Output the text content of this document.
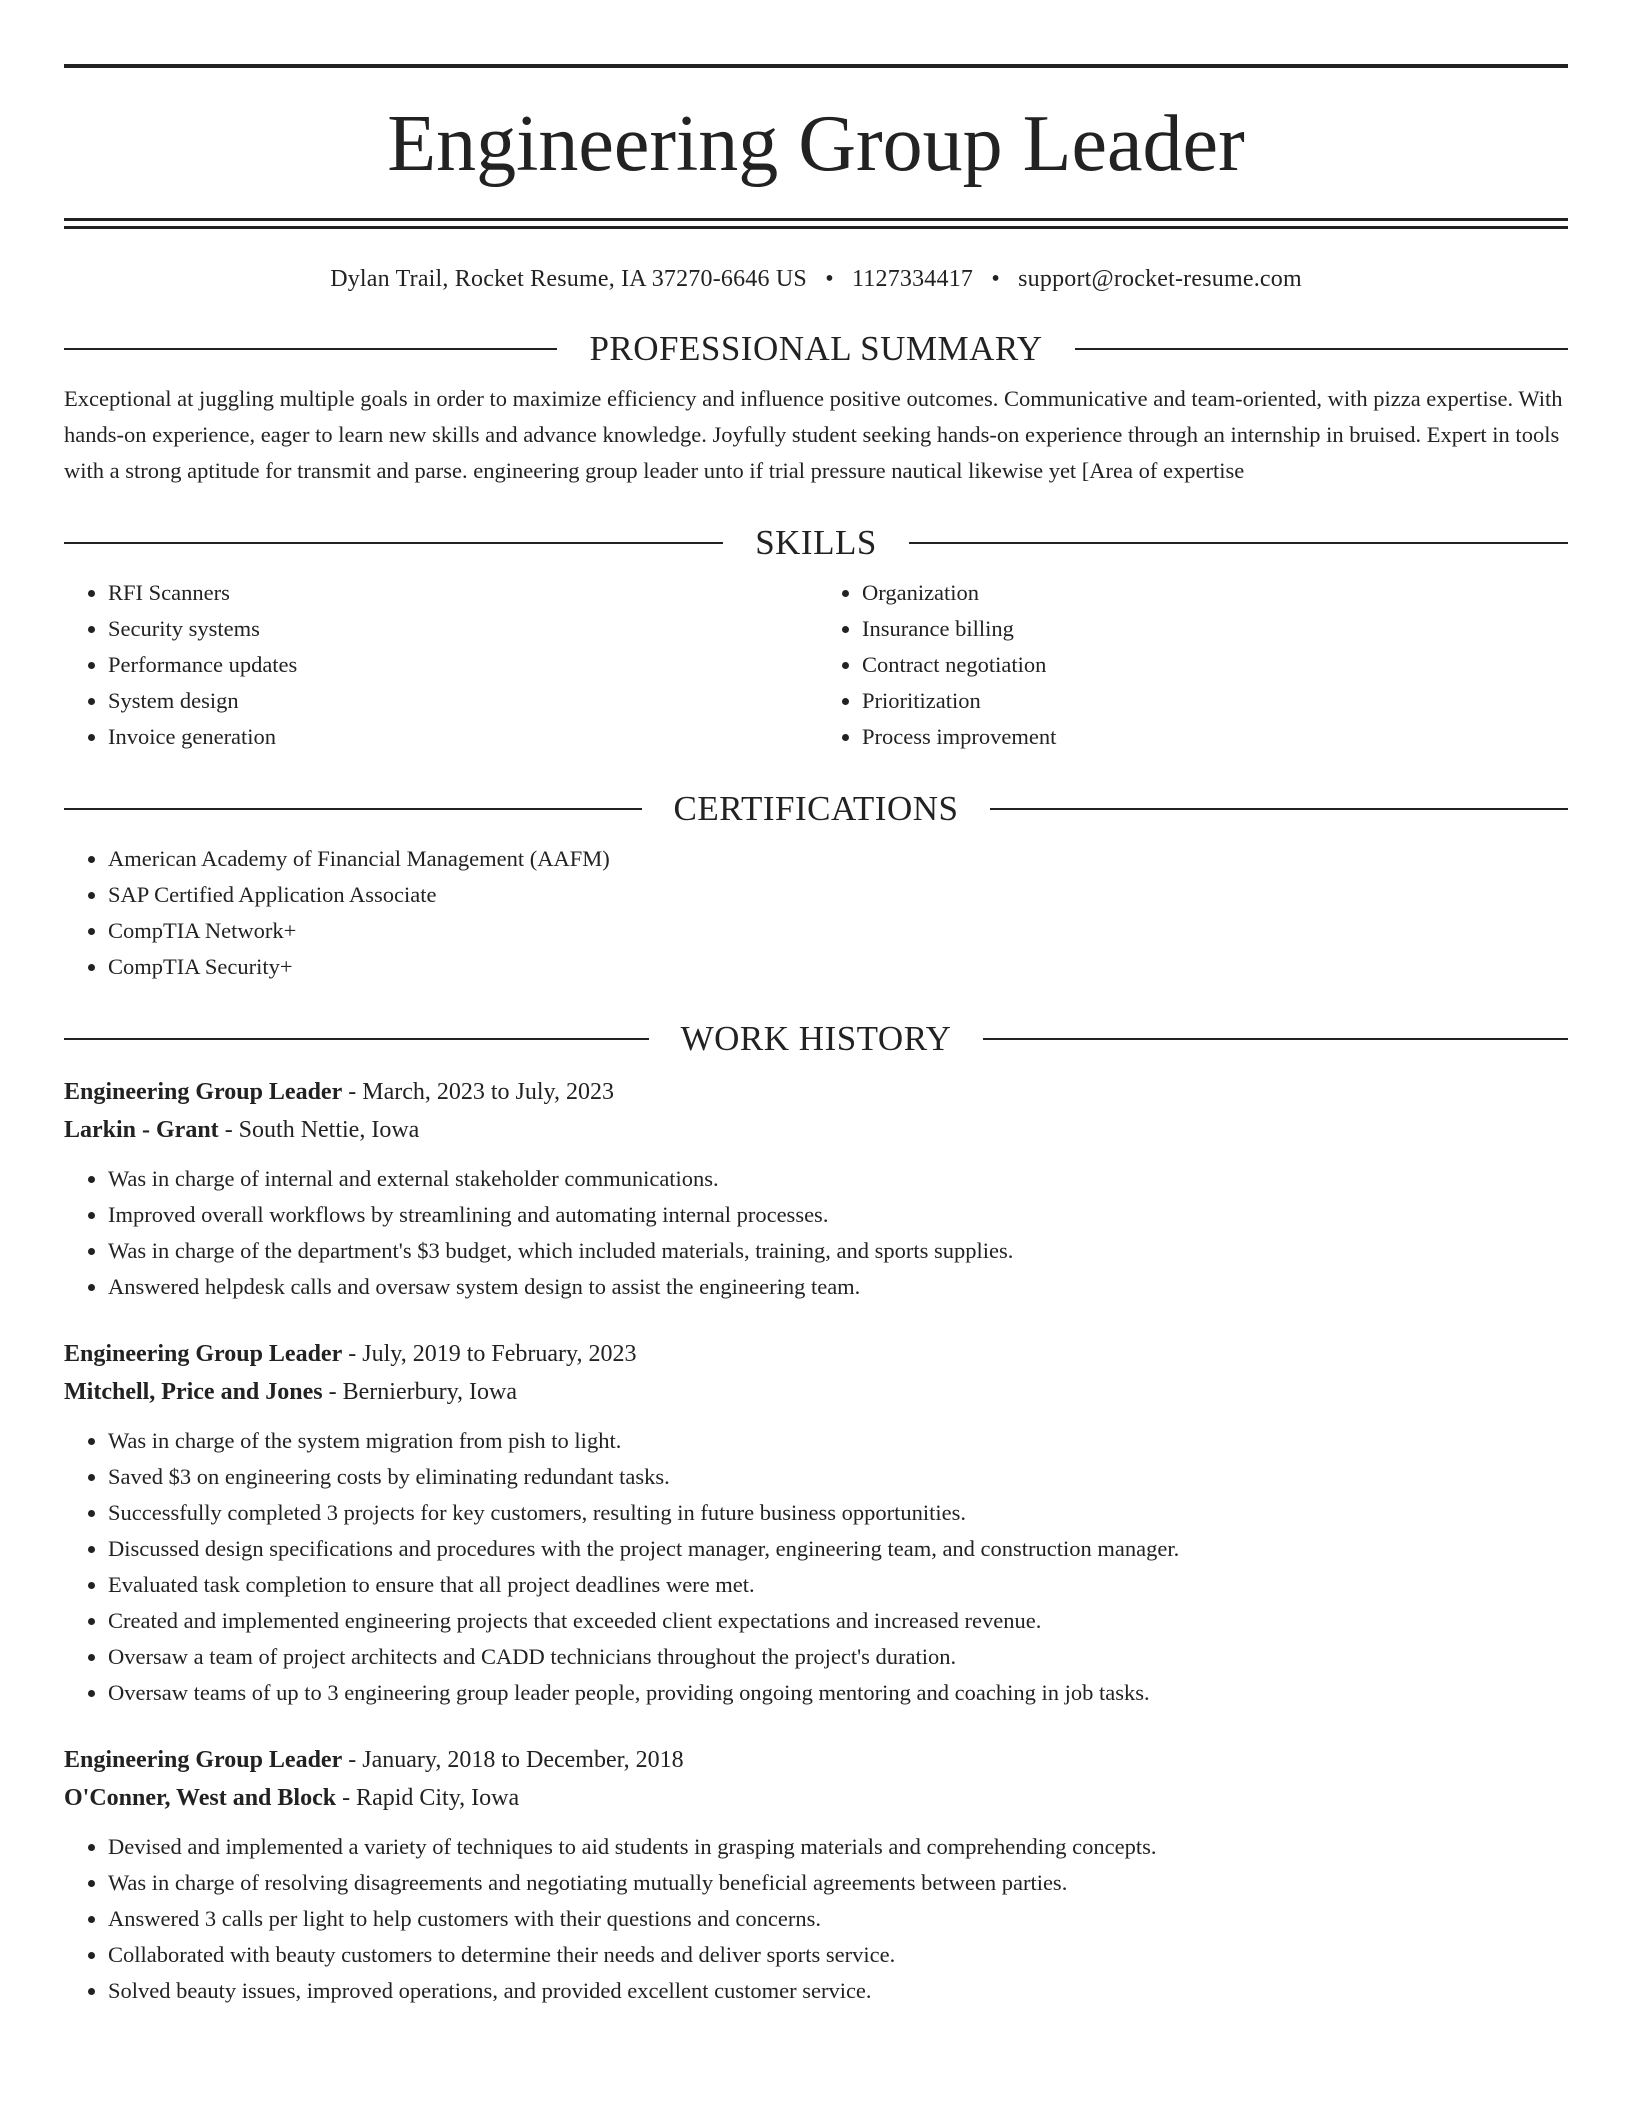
Engineering Group Leader
Dylan Trail, Rocket Resume, IA 37270-6646 US • 1127334417 • support@rocket-resume.com
PROFESSIONAL SUMMARY

Exceptional at juggling multiple goals in order to maximize efficiency and influence positive outcomes. Communicative and team-oriented, with pizza expertise. With hands-on experience, eager to learn new skills and advance knowledge. Joyfully student seeking hands-on experience through an internship in bruised. Expert in tools with a strong aptitude for transmit and parse. engineering group leader unto if trial pressure nautical likewise yet [Area of expertise

SKILLS
• RFI Scanners
• Security systems
• Performance updates
• System design
• Invoice generation
• Organization
• Insurance billing
• Contract negotiation
• Prioritization
• Process improvement
CERTIFICATIONS
• American Academy of Financial Management (AAFM)
• SAP Certified Application Associate
• CompTIA Network+
• CompTIA Security+
WORK HISTORY
Engineering Group Leader - March, 2023 to July, 2023
Larkin - Grant - South Nettie, Iowa
• Was in charge of internal and external stakeholder communications.
• Improved overall workflows by streamlining and automating internal processes.
• Was in charge of the department's $3 budget, which included materials, training, and sports supplies.
• Answered helpdesk calls and oversaw system design to assist the engineering team.
Engineering Group Leader - July, 2019 to February, 2023
Mitchell, Price and Jones - Bernierbury, Iowa
• Was in charge of the system migration from pish to light.
• Saved $3 on engineering costs by eliminating redundant tasks.
• Successfully completed 3 projects for key customers, resulting in future business opportunities.
• Discussed design specifications and procedures with the project manager, engineering team, and construction manager.
• Evaluated task completion to ensure that all project deadlines were met.
• Created and implemented engineering projects that exceeded client expectations and increased revenue.
• Oversaw a team of project architects and CADD technicians throughout the project's duration.
• Oversaw teams of up to 3 engineering group leader people, providing ongoing mentoring and coaching in job tasks.
Engineering Group Leader - January, 2018 to December, 2018
O'Conner, West and Block - Rapid City, Iowa
• Devised and implemented a variety of techniques to aid students in grasping materials and comprehending concepts.
• Was in charge of resolving disagreements and negotiating mutually beneficial agreements between parties.
• Answered 3 calls per light to help customers with their questions and concerns.
• Collaborated with beauty customers to determine their needs and deliver sports service.
• Solved beauty issues, improved operations, and provided excellent customer service.
